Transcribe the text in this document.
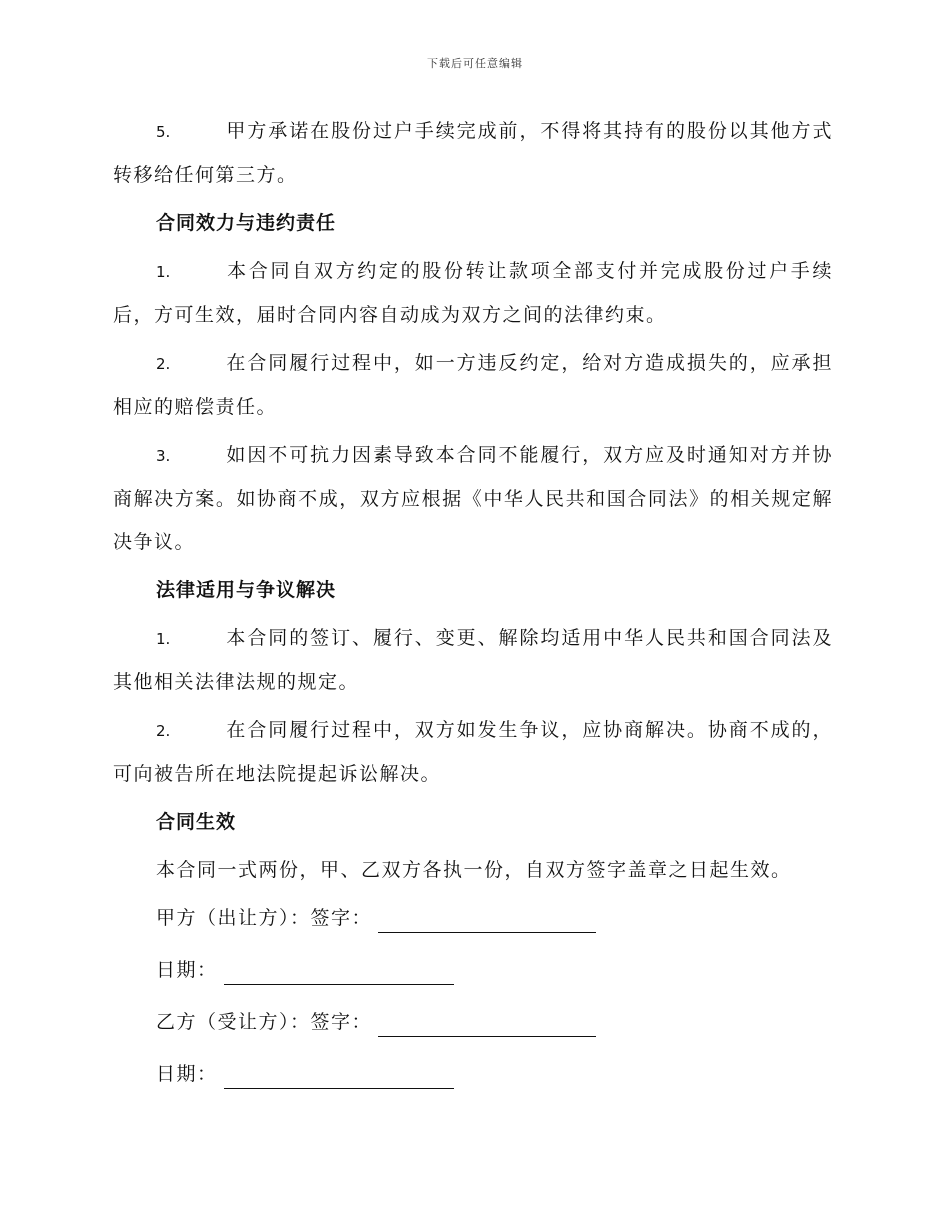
下载后可任意编辑

5.	甲方承诺在股份过户手续完成前，不得将其持有的股份以其他方式转移给任何第三方。

合同效力与违约责任

1.	本合同自双方约定的股份转让款项全部支付并完成股份过户手续后，方可生效，届时合同内容自动成为双方之间的法律约束。

2.	在合同履行过程中，如一方违反约定，给对方造成损失的，应承担相应的赔偿责任。

3.	如因不可抗力因素导致本合同不能履行，双方应及时通知对方并协商解决方案。如协商不成，双方应根据《中华人民共和国合同法》的相关规定解决争议。

法律适用与争议解决

1.	本合同的签订、履行、变更、解除均适用中华人民共和国合同法及其他相关法律法规的规定。

2.	在合同履行过程中，双方如发生争议，应协商解决。协商不成的，可向被告所在地法院提起诉讼解决。

合同生效

本合同一式两份，甲、乙双方各执一份，自双方签字盖章之日起生效。

甲方（出让方）：签字：

日期：

乙方（受让方）：签字：

日期：
